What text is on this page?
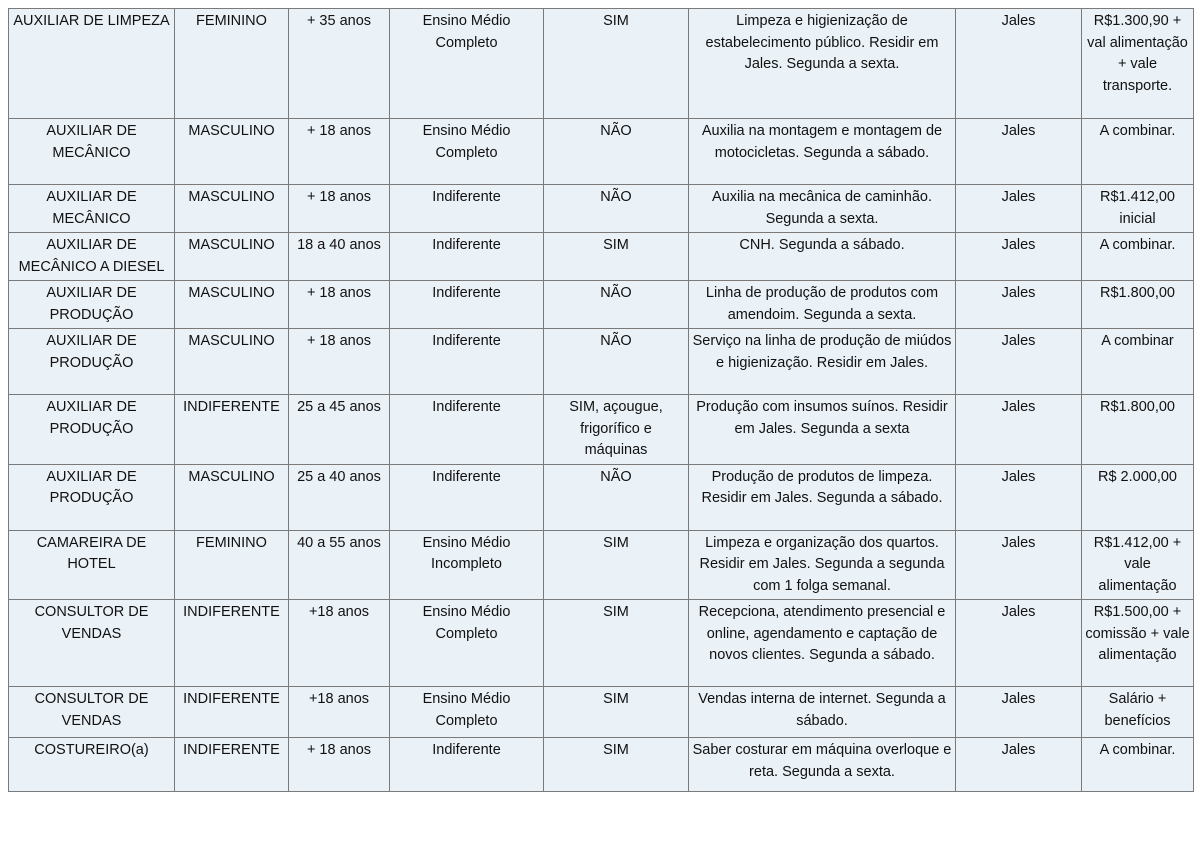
AUXILIAR DE LIMPEZA	FEMININO	+ 35 anos	Ensino Médio Completo	SIM	Limpeza e higienização de estabelecimento público. Residir em Jales. Segunda a sexta.	Jales	R$1.300,90 + val alimentação + vale transporte.
AUXILIAR DE MECÂNICO	MASCULINO	+ 18 anos	Ensino Médio Completo	NÃO	Auxilia na montagem e montagem de motocicletas. Segunda a sábado.	Jales	A combinar.
AUXILIAR DE MECÂNICO	MASCULINO	+ 18 anos	Indiferente	NÃO	Auxilia na mecânica de caminhão. Segunda a sexta.	Jales	R$1.412,00 inicial
AUXILIAR DE MECÂNICO A DIESEL	MASCULINO	18 a 40 anos	Indiferente	SIM	CNH. Segunda a sábado.	Jales	A combinar.
AUXILIAR DE PRODUÇÃO	MASCULINO	+ 18 anos	Indiferente	NÃO	Linha de produção de produtos com amendoim. Segunda a sexta.	Jales	R$1.800,00
AUXILIAR DE PRODUÇÃO	MASCULINO	+ 18 anos	Indiferente	NÃO	Serviço na linha de produção de miúdos e higienização. Residir em Jales.	Jales	A combinar
AUXILIAR DE PRODUÇÃO	INDIFERENTE	25 a 45 anos	Indiferente	SIM, açougue, frigorífico e máquinas	Produção com insumos suínos. Residir em Jales. Segunda a sexta	Jales	R$1.800,00
AUXILIAR DE PRODUÇÃO	MASCULINO	25 a 40 anos	Indiferente	NÃO	Produção de produtos de limpeza. Residir em Jales. Segunda a sábado.	Jales	R$ 2.000,00
CAMAREIRA DE HOTEL	FEMININO	40 a 55 anos	Ensino Médio Incompleto	SIM	Limpeza e organização dos quartos. Residir em Jales. Segunda a segunda com 1 folga semanal.	Jales	R$1.412,00 + vale alimentação
CONSULTOR DE VENDAS	INDIFERENTE	+18 anos	Ensino Médio Completo	SIM	Recepciona, atendimento presencial e online, agendamento e captação de novos clientes. Segunda a sábado.	Jales	R$1.500,00 + comissão + vale alimentação
CONSULTOR DE VENDAS	INDIFERENTE	+18 anos	Ensino Médio Completo	SIM	Vendas interna de internet. Segunda a sábado.	Jales	Salário + benefícios
COSTUREIRO(a)	INDIFERENTE	+ 18 anos	Indiferente	SIM	Saber costurar em máquina overloque e reta. Segunda a sexta.	Jales	A combinar.
